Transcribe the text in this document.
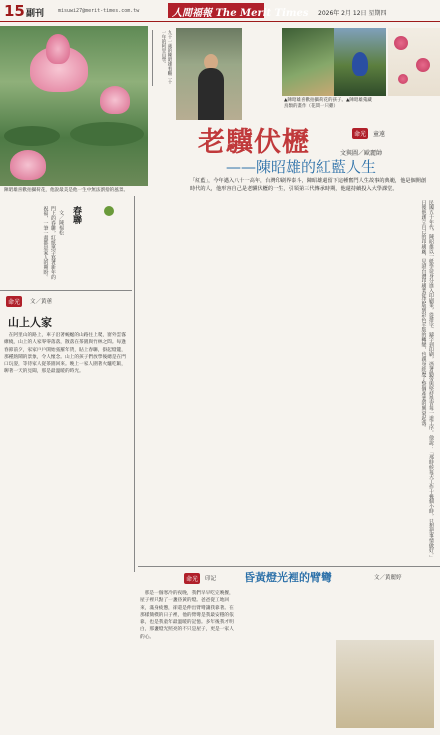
15 副刊	misuwi27@merit-times.com.tw	人間福報 The Merit Times 2026年 2月 12日 星期四
陳昭雄喜歡拍攝荷花，他說最美是他一生中無法割捨的風景。
九十一歲的陳昭雄看顧二十一年的阿里山學。
▲陳昭雄喜歡拍攝荷花的孩子。▲陳昭雄蒐藏鳥類的畫作（花間一只雞）
老驥伏櫪	命光	童遠
——陳昭雄的紅藍人生
文與圖／歐麗帥
「紅藍」，今年邁入八十一高年，台灣印刷界泰斗，陳昭雄還留下這種奮鬥人生故事的典範，他是個開創時代的人，他形容自己是老驥伏櫪的一生，引領第三代傳承時期，他還持續投入大學課堂。
民國五十年代，陳昭雄以一紙學徒身分進入印刷業，從排字、鑄字到印刷，憑著勤勞與堅持學習每一道工序。他說：「那時候每天工作十幾個小時，只想把事情做好。」日後他創立自己的印刷廠，見證台灣印刷業從活版到彩色平版的轉變，也親身經歷了整個產業的興衰起落。
春聯
文／陳福松
門上的春聯，紅紙黑字寫著新年的祝福，一筆一畫都是家人的期盼。
命光	文／黃蕙
山上人家
在阿里山的路上，車子沿著蜿蜒的山路往上爬，窗外雲霧繚繞，山上的人家零零落落，散落在茶園與竹林之間。每逢春節前夕，家家戶戶開始張羅年貨，貼上春聯，掛起燈籠，那種熱鬧的景象，令人懷念。山上的孩子們放學後總是在門口玩耍，等待家人從茶園回來。晚上一家人圍著火爐吃飯，聊著一天的見聞，那是最溫暖的時光。
命光	印記	昏黃燈光裡的臂彎	文／黃麗婷
那是一個寒冷的夜晚，我們早早吃完晚餐，屋子裡只點了一盞昏黃的燈。爸爸從工地回來，滿身疲憊，卻還是伸出臂彎讓我靠著。在那樣簡樸的日子裡，他的臂彎是我最安穩的依靠，也是我童年最溫暖的記憶。多年後我才明白，那盞燈光照亮的不只是屋子，更是一家人的心。
